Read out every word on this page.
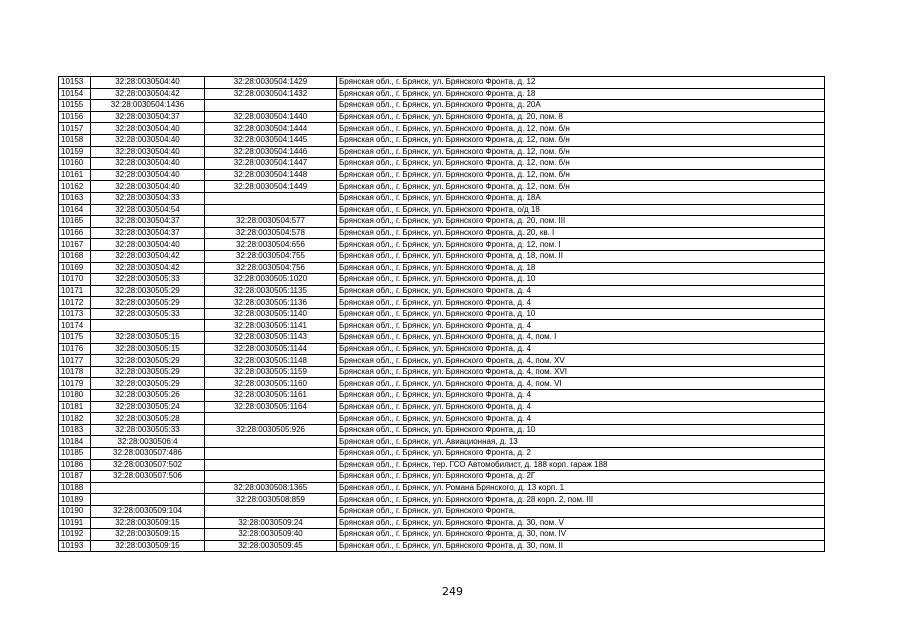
10153	32:28:0030504:40	32:28:0030504:1429	Брянская обл., г. Брянск, ул. Брянского Фронта, д. 12
10154	32:28:0030504:42	32:28:0030504:1432	Брянская обл., г. Брянск, ул. Брянского Фронта, д. 18
10155	32:28:0030504:1436		Брянская обл., г. Брянск, ул. Брянского Фронта, д. 20А
10156	32:28:0030504:37	32:28:0030504:1440	Брянская обл., г. Брянск, ул. Брянского Фронта, д. 20, пом. 8
10157	32:28:0030504:40	32:28:0030504:1444	Брянская обл., г. Брянск, ул. Брянского Фронта, д. 12, пом. б/н
10158	32:28:0030504:40	32:28:0030504:1445	Брянская обл., г. Брянск, ул. Брянского Фронта, д. 12, пом. б/н
10159	32:28:0030504:40	32:28:0030504:1446	Брянская обл., г. Брянск, ул. Брянского Фронта, д. 12, пом. б/н
10160	32:28:0030504:40	32:28:0030504:1447	Брянская обл., г. Брянск, ул. Брянского Фронта, д. 12, пом. б/н
10161	32:28:0030504:40	32:28:0030504:1448	Брянская обл., г. Брянск, ул. Брянского Фронта, д. 12, пом. б/н
10162	32:28:0030504:40	32:28:0030504:1449	Брянская обл., г. Брянск, ул. Брянского Фронта, д. 12, пом. б/н
10163	32:28:0030504:33		Брянская обл., г. Брянск, ул. Брянского Фронта, д. 18А
10164	32:28:0030504:54		Брянская обл., г. Брянск, ул. Брянского Фронта, о/д 18
10165	32:28:0030504:37	32:28:0030504:577	Брянская обл., г. Брянск, ул. Брянского Фронта, д. 20, пом. III
10166	32:28:0030504:37	32:28:0030504:578	Брянская обл., г. Брянск, ул. Брянского Фронта, д. 20, кв. I
10167	32:28:0030504:40	32:28:0030504:656	Брянская обл., г. Брянск, ул. Брянского Фронта, д. 12, пом. I
10168	32:28:0030504:42	32:28:0030504:755	Брянская обл., г. Брянск, ул. Брянского Фронта, д. 18, пом. II
10169	32:28:0030504:42	32:28:0030504:756	Брянская обл., г. Брянск, ул. Брянского Фронта, д. 18
10170	32:28:0030505:33	32:28:0030505:1020	Брянская обл., г. Брянск, ул. Брянского Фронта, д. 10
10171	32:28:0030505:29	32:28:0030505:1135	Брянская обл., г. Брянск, ул. Брянского Фронта, д. 4
10172	32:28:0030505:29	32:28:0030505:1136	Брянская обл., г. Брянск, ул. Брянского Фронта, д. 4
10173	32:28:0030505:33	32:28:0030505:1140	Брянская обл., г. Брянск, ул. Брянского Фронта, д. 10
10174		32:28:0030505:1141	Брянская обл., г. Брянск, ул. Брянского Фронта, д. 4
10175	32:28:0030505:15	32:28:0030505:1143	Брянская обл., г. Брянск, ул. Брянского Фронта, д. 4, пом. I
10176	32:28:0030505:15	32:28:0030505:1144	Брянская обл., г. Брянск, ул. Брянского Фронта, д. 4
10177	32:28:0030505:29	32:28:0030505:1148	Брянская обл., г. Брянск, ул. Брянского Фронта, д. 4, пом. XV
10178	32:28:0030505:29	32:28:0030505:1159	Брянская обл., г. Брянск, ул. Брянского Фронта, д. 4, пом. XVI
10179	32:28:0030505:29	32:28:0030505:1160	Брянская обл., г. Брянск, ул. Брянского Фронта, д. 4, пом. VI
10180	32:28:0030505:26	32:28:0030505:1161	Брянская обл., г. Брянск, ул. Брянского Фронта, д. 4
10181	32:28:0030505:24	32:28:0030505:1164	Брянская обл., г. Брянск, ул. Брянского Фронта, д. 4
10182	32:28:0030505:28		Брянская обл., г. Брянск, ул. Брянского Фронта, д. 4
10183	32:28:0030505:33	32:28:0030505:926	Брянская обл., г. Брянск, ул. Брянского Фронта, д. 10
10184	32:28:0030506:4		Брянская обл., г. Брянск, ул. Авиационная, д. 13
10185	32:28:0030507:486		Брянская обл., г. Брянск, ул. Брянского Фронта, д. 2
10186	32:28:0030507:502		Брянская обл., г. Брянск, тер. ГСО Автомобилист, д. 188 корп. гараж 188
10187	32:28:0030507:506		Брянская обл., г. Брянск, ул. Брянского Фронта, д. 2Г
10188		32:28:0030508:1365	Брянская обл., г. Брянск, ул. Романа Брянского, д. 13 корп. 1
10189		32:28:0030508:859	Брянская обл., г. Брянск, ул. Брянского Фронта, д. 28 корп. 2, пом. III
10190	32:28:0030509:104		Брянская обл., г. Брянск, ул. Брянского Фронта,
10191	32:28:0030509:15	32:28:0030509:24	Брянская обл., г. Брянск, ул. Брянского Фронта, д. 30, пом. V
10192	32:28:0030509:15	32:28:0030509:40	Брянская обл., г. Брянск, ул. Брянского Фронта, д. 30, пом. IV
10193	32:28:0030509:15	32:28:0030509:45	Брянская обл., г. Брянск, ул. Брянского Фронта, д. 30, пом. II
249
